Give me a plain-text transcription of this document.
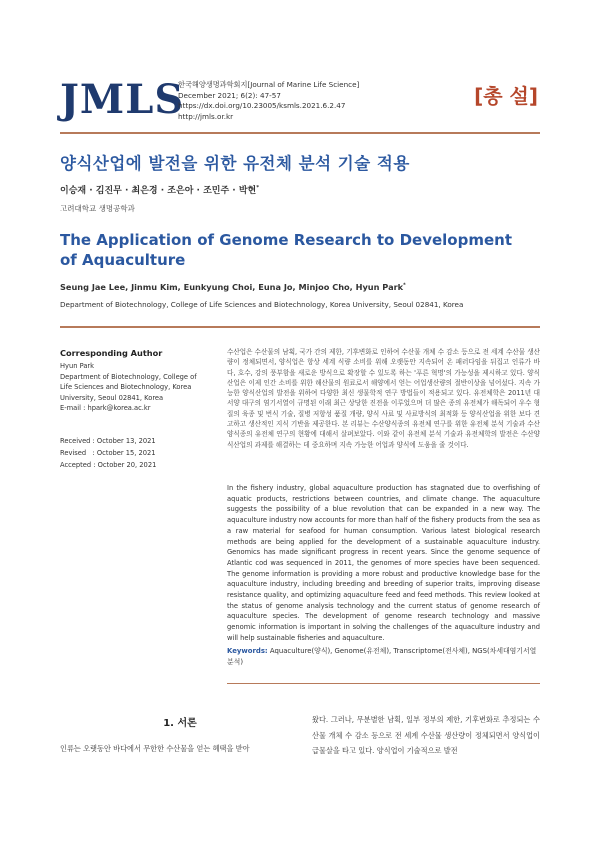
JMLS
한국해양생명과학회지[Journal of Marine Life Science]
December 2021; 6(2): 47-57
https://dx.doi.org/10.23005/ksmls.2021.6.2.47
http://jmls.or.kr
[총 설]
양식산업에 발전을 위한 유전체 분석 기술 적용
이승재 · 김진무 · 최은경 · 조은아 · 조민주 · 박현*
고려대학교 생명공학과
The Application of Genome Research to Development of Aquaculture
Seung Jae Lee, Jinmu Kim, Eunkyung Choi, Euna Jo, Minjoo Cho, Hyun Park*
Department of Biotechnology, College of Life Sciences and Biotechnology, Korea University, Seoul 02841, Korea
Corresponding Author
Hyun Park
Department of Biotechnology, College of Life Sciences and Biotechnology, Korea University, Seoul 02841, Korea
E-mail : hpark@korea.ac.kr
Received : October 13, 2021
Revised   : October 15, 2021
Accepted : October 20, 2021
수산업은 수산물의 남획, 국가 간의 제한, 기후변화로 인하여 수산물 개체 수 감소 등으로 전 세계 수산물 생산량이 정체되면서, 양식업은 항상 세계 식량 소비를 위해 오랫동안 지속되어 온 패러다임을 뒤집고 인류가 바다, 호수, 강의 풍부함을 새로운 방식으로 확장할 수 있도록 하는 '푸른 혁명'의 가능성을 제시하고 있다. 양식산업은 이제 인간 소비를 위한 해산물의 원료로서 해양에서 얻는 어업생산량의 절반이상을 넘어섰다. 지속 가능한 양식산업의 발전을 위하여 다양한 최신 생물학적 연구 방법들이 적용되고 있다. 유전체학은 2011년 대서양 대구의 염기서열이 규명된 이래 최근 상당한 진전을 이루었으며 더 많은 종의 유전체가 해독되어 우수 형질의 육종 및 번식 기술, 질병 저항성 품질 개량, 양식 사료 및 사료방식의 최적화 등 양식산업을 위한 보다 견고하고 생산적인 지식 기반을 제공한다. 본 리뷰는 수산양식종의 유전체 연구를 위한 유전체 분석 기술과 수산양식종의 유전체 연구의 현황에 대해서 살펴보았다. 이와 같이 유전체 분석 기술과 유전체학의 발전은 수산양식산업의 과제를 해결하는 데 중요하며 지속 가능한 어업과 양식에 도움을 줄 것이다.
In the fishery industry, global aquaculture production has stagnated due to overfishing of aquatic products, restrictions between countries, and climate change. The aquaculture suggests the possibility of a blue revolution that can be expanded in a new way. The aquaculture industry now accounts for more than half of the fishery products from the sea as a raw material for seafood for human consumption. Various latest biological research methods are being applied for the development of a sustainable aquaculture industry. Genomics has made significant progress in recent years. Since the genome sequence of Atlantic cod was sequenced in 2011, the genomes of more species have been sequenced. The genome information is providing a more robust and productive knowledge base for the aquaculture industry, including breeding and breeding of superior traits, improving disease resistance quality, and optimizing aquaculture feed and feed methods. This review looked at the status of genome analysis technology and the current status of genome research of aquaculture species. The development of genome research technology and massive genomic information is important in solving the challenges of the aquaculture industry and will help sustainable fisheries and aquaculture.
Keywords: Aquaculture(양식), Genome(유전체), Transcriptome(전사체), NGS(차세대염기서열 분석)
1. 서론
인류는 오랫동안 바다에서 무한한 수산물을 얻는 혜택을 받아
왔다. 그러나, 무분별한 남획, 일부 정부의 제한, 기후변화로 추정되는 수산물 개체 수 감소 등으로 전 세계 수산물 생산량이 정체되면서 양식업이 급물살을 타고 있다. 양식업이 기술적으로 발전
